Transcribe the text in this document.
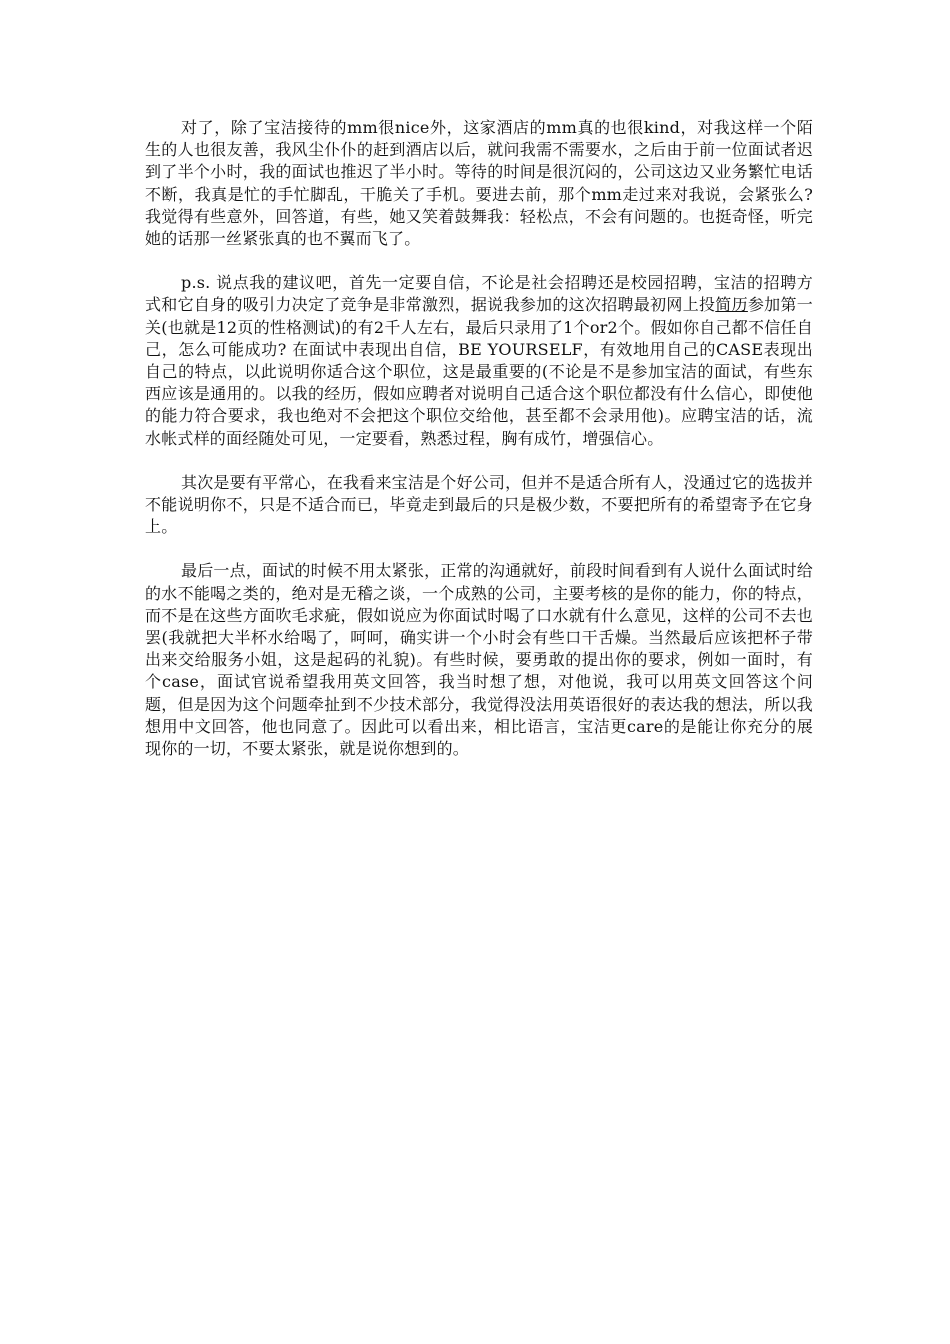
对了，除了宝洁接待的mm很nice外，这家酒店的mm真的也很kind，对我这样一个陌生的人也很友善，我风尘仆仆的赶到酒店以后，就问我需不需要水，之后由于前一位面试者迟到了半个小时，我的面试也推迟了半小时。等待的时间是很沉闷的，公司这边又业务繁忙电话不断，我真是忙的手忙脚乱，干脆关了手机。要进去前，那个mm走过来对我说，会紧张么?我觉得有些意外，回答道，有些，她又笑着鼓舞我：轻松点，不会有问题的。也挺奇怪，听完她的话那一丝紧张真的也不翼而飞了。

p.s. 说点我的建议吧，首先一定要自信，不论是社会招聘还是校园招聘，宝洁的招聘方式和它自身的吸引力决定了竞争是非常激烈，据说我参加的这次招聘最初网上投简历参加第一关(也就是12页的性格测试)的有2千人左右，最后只录用了1个or2个。假如你自己都不信任自己，怎么可能成功? 在面试中表现出自信，BE YOURSELF，有效地用自己的CASE表现出自己的特点，以此说明你适合这个职位，这是最重要的(不论是不是参加宝洁的面试，有些东西应该是通用的。以我的经历，假如应聘者对说明自己适合这个职位都没有什么信心，即使他的能力符合要求，我也绝对不会把这个职位交给他，甚至都不会录用他)。应聘宝洁的话，流水帐式样的面经随处可见，一定要看，熟悉过程，胸有成竹，增强信心。

其次是要有平常心，在我看来宝洁是个好公司，但并不是适合所有人，没通过它的选拔并不能说明你不，只是不适合而已，毕竟走到最后的只是极少数，不要把所有的希望寄予在它身上。

最后一点，面试的时候不用太紧张，正常的沟通就好，前段时间看到有人说什么面试时给的水不能喝之类的，绝对是无稽之谈，一个成熟的公司，主要考核的是你的能力，你的特点，而不是在这些方面吹毛求疵，假如说应为你面试时喝了口水就有什么意见，这样的公司不去也罢(我就把大半杯水给喝了，呵呵，确实讲一个小时会有些口干舌燥。当然最后应该把杯子带出来交给服务小姐，这是起码的礼貌)。有些时候，要勇敢的提出你的要求，例如一面时，有个case，面试官说希望我用英文回答，我当时想了想，对他说，我可以用英文回答这个问题，但是因为这个问题牵扯到不少技术部分，我觉得没法用英语很好的表达我的想法，所以我想用中文回答，他也同意了。因此可以看出来，相比语言，宝洁更care的是能让你充分的展现你的一切，不要太紧张，就是说你想到的。
